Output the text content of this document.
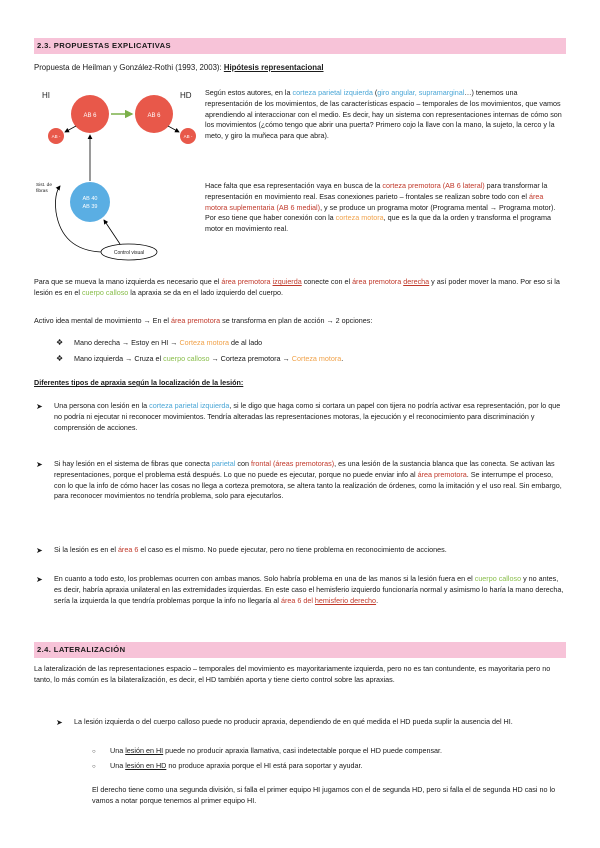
2.3. PROPUESTAS EXPLICATIVAS
Propuesta de Heilman y González-Rothi (1993, 2003): Hipótesis representacional
HI	HD
AB 6	AB 6
AB -	AB -
AB 40
AB 39
Sist. de
fibras
Control visual
Según estos autores, en la corteza parietal izquierda (giro angular, supramarginal…) tenemos una representación de los movimientos, de las características espacio – temporales de los movimientos, que vamos aprendiendo al interaccionar con el medio. Es decir, hay un sistema con representaciones internas de cómo son los movimientos (¿cómo tengo que abrir una puerta? Primero cojo la llave con la mano, la sujeto, la cerco y la meto, y giro la muñeca para que abra).
Hace falta que esa representación vaya en busca de la corteza premotora (AB 6 lateral) para transformar la representación en movimiento real. Esas conexiones parieto – frontales se realizan sobre todo con el área motora suplementaria (AB 6 medial), y se produce un programa motor (Programa mental → Programa motor). Por eso tiene que haber conexión con la corteza motora, que es la que da la orden y transforma el programa motor en movimiento real.
Para que se mueva la mano izquierda es necesario que el área premotora izquierda conecte con el área premotora derecha y así poder mover la mano. Por eso si la lesión es en el cuerpo calloso la apraxia se da en el lado izquierdo del cuerpo.
Activo idea mental de movimiento → En el área premotora se transforma en plan de acción → 2 opciones:
❖ Mano derecha → Estoy en HI → Corteza motora de al lado
❖ Mano izquierda → Cruza el cuerpo calloso → Corteza premotora → Corteza motora.
Diferentes tipos de apraxia según la localización de la lesión:
➤ Una persona con lesión en la corteza parietal izquierda, si le digo que haga como si cortara un papel con tijera no podría activar esa representación, por lo que no podría ni ejecutar ni reconocer movimientos. Tendría alteradas las representaciones motoras, la ejecución y el reconocimiento para discriminación y comprensión de acciones.
➤ Si hay lesión en el sistema de fibras que conecta parietal con frontal (áreas premotoras), es una lesión de la sustancia blanca que las conecta. Se activan las representaciones, porque el problema está después. Lo que no puede es ejecutar, porque no puede enviar info al área premotora. Se interrumpe el proceso, con lo que la info de cómo hacer las cosas no llega a corteza premotora, se altera tanto la realización de órdenes, como la imitación y el uso real. Sin embargo, para reconocer movimientos no tendría problema, solo para ejecutarlos.
➤ Si la lesión es en el área 6 el caso es el mismo. No puede ejecutar, pero no tiene problema en reconocimiento de acciones.
➤ En cuanto a todo esto, los problemas ocurren con ambas manos. Solo habría problema en una de las manos si la lesión fuera en el cuerpo calloso y no antes, es decir, habría apraxia unilateral en las extremidades izquierdas. En este caso el hemisferio izquierdo funcionaría normal y asimismo lo haría la mano derecha, sería la izquierda la que tendría problemas porque la info no llegaría al área 6 del hemisferio derecho.
2.4. LATERALIZACIÓN
La lateralización de las representaciones espacio – temporales del movimiento es mayoritariamente izquierda, pero no es tan contundente, es mayoritaria pero no tanto, lo más común es la bilateralización, es decir, el HD también aporta y tiene cierto control sobre las apraxias.
➤ La lesión izquierda o del cuerpo calloso puede no producir apraxia, dependiendo de en qué medida el HD pueda suplir la ausencia del HI.
○ Una lesión en HI puede no producir apraxia llamativa, casi indetectable porque el HD puede compensar.
○ Una lesión en HD no produce apraxia porque el HI está para soportar y ayudar.
El derecho tiene como una segunda división, si falla el primer equipo HI jugamos con el de segunda HD, pero si falla el de segunda HD casi no lo vamos a notar porque tenemos al primer equipo HI.
